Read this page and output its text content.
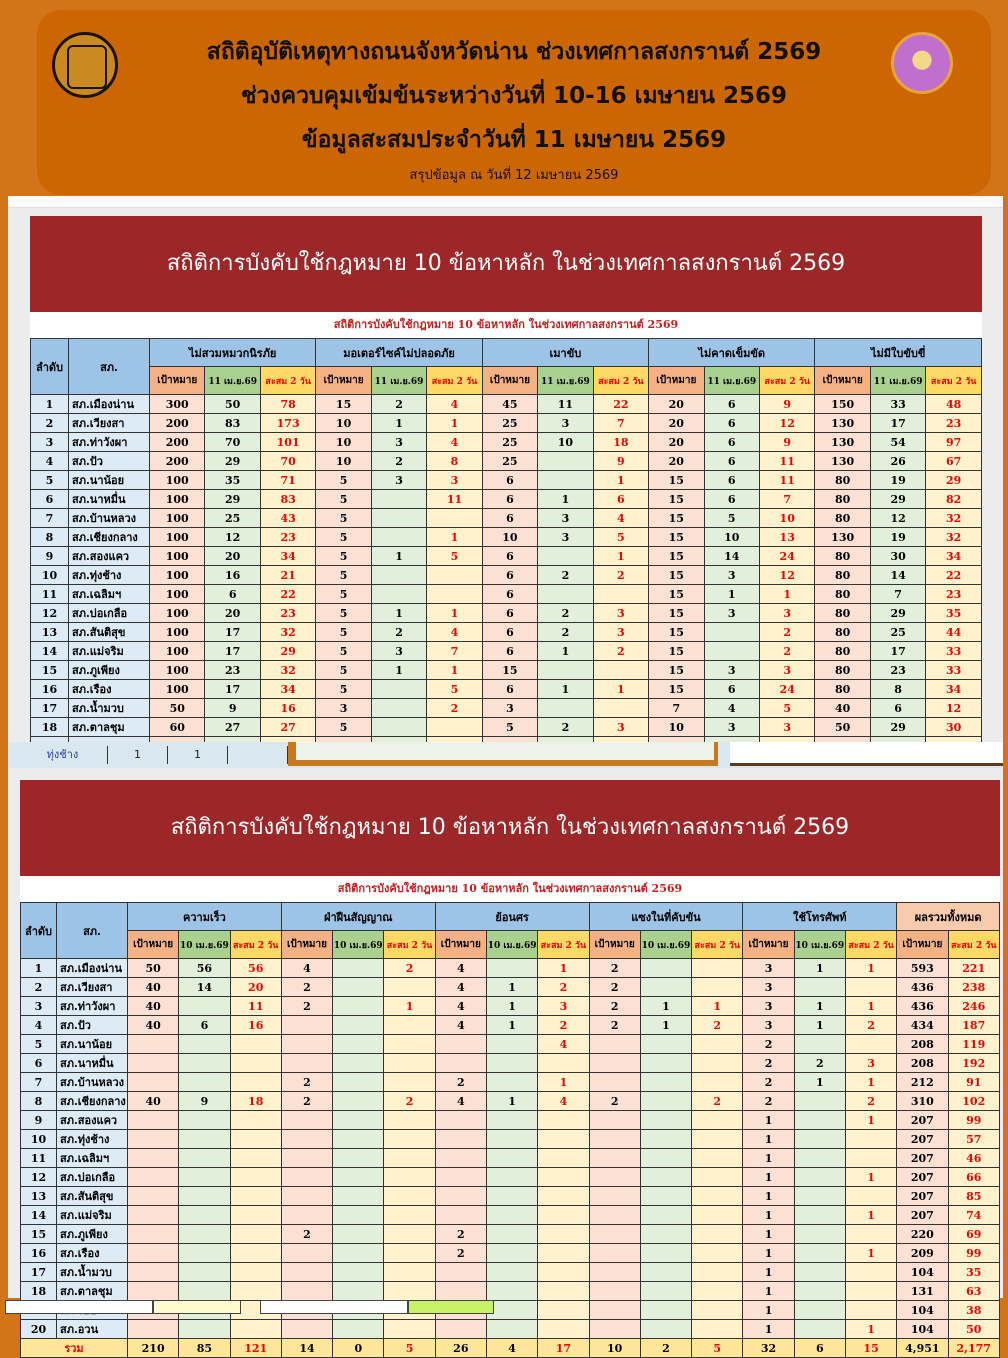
สถิติอุบัติเหตุทางถนนจังหวัดน่าน ช่วงเทศกาลสงกรานต์ 2569
ช่วงควบคุมเข้มข้นระหว่างวันที่ 10-16 เมษายน 2569
ข้อมูลสะสมประจำวันที่ 11 เมษายน 2569
สรุปข้อมูล ณ วันที่ 12 เมษายน 2569
สถิติการบังคับใช้กฎหมาย 10 ข้อหาหลัก ในช่วงเทศกาลสงกรานต์ 2569
สถิติการบังคับใช้กฎหมาย 10 ข้อหาหลัก ในช่วงเทศกาลสงกรานต์ 2569
ลำดับ	สภ.	ไม่สวมหมวกนิรภัย			มอเตอร์ไซค์ไม่ปลอดภัย			เมาขับ			ไม่คาดเข็มขัด			ไม่มีใบขับขี่		
		เป้าหมาย	11 เม.ย.69	สะสม 2 วัน	เป้าหมาย	11 เม.ย.69	สะสม 2 วัน	เป้าหมาย	11 เม.ย.69	สะสม 2 วัน	เป้าหมาย	11 เม.ย.69	สะสม 2 วัน	เป้าหมาย	11 เม.ย.69	สะสม 2 วัน
1	สภ.เมืองน่าน	300	50	78	15	2	4	45	11	22	20	6	9	150	33	48
2	สภ.เวียงสา	200	83	173	10	1	1	25	3	7	20	6	12	130	17	23
3	สภ.ท่าวังผา	200	70	101	10	3	4	25	10	18	20	6	9	130	54	97
4	สภ.ปัว	200	29	70	10	2	8	25		9	20	6	11	130	26	67
5	สภ.นาน้อย	100	35	71	5	3	3	6		1	15	6	11	80	19	29
6	สภ.นาหมื่น	100	29	83	5		11	6	1	6	15	6	7	80	29	82
7	สภ.บ้านหลวง	100	25	43	5			6	3	4	15	5	10	80	12	32
8	สภ.เชียงกลาง	100	12	23	5		1	10	3	5	15	10	13	130	19	32
9	สภ.สองแคว	100	20	34	5	1	5	6		1	15	14	24	80	30	34
10	สภ.ทุ่งช้าง	100	16	21	5			6	2	2	15	3	12	80	14	22
11	สภ.เฉลิมฯ	100	6	22	5			6			15	1	1	80	7	23
12	สภ.บ่อเกลือ	100	20	23	5	1	1	6	2	3	15	3	3	80	29	35
13	สภ.สันติสุข	100	17	32	5	2	4	6	2	3	15		2	80	25	44
14	สภ.แม่จริม	100	17	29	5	3	7	6	1	2	15		2	80	17	33
15	สภ.ภูเพียง	100	23	32	5	1	1	15			15	3	3	80	23	33
16	สภ.เรือง	100	17	34	5		5	6	1	1	15	6	24	80	8	34
17	สภ.น้ำมวบ	50	9	16	3		2	3			7	4	5	40	6	12
18	สภ.ตาลชุม	60	27	27	5			5	2	3	10	3	3	50	29	30

ทุ่งช้าง	1	1
สถิติการบังคับใช้กฎหมาย 10 ข้อหาหลัก ในช่วงเทศกาลสงกรานต์ 2569
สถิติการบังคับใช้กฎหมาย 10 ข้อหาหลัก ในช่วงเทศกาลสงกรานต์ 2569
ลำดับ	สภ.	ความเร็ว			ฝ่าฝืนสัญญาณ			ย้อนศร			แซงในที่คับขัน			ใช้โทรศัพท์			ผลรวมทั้งหมด	
		เป้าหมาย	10 เม.ย.69	สะสม 2 วัน	เป้าหมาย	10 เม.ย.69	สะสม 2 วัน	เป้าหมาย	10 เม.ย.69	สะสม 2 วัน	เป้าหมาย	10 เม.ย.69	สะสม 2 วัน	เป้าหมาย	10 เม.ย.69	สะสม 2 วัน	เป้าหมาย	สะสม 2 วัน
1	สภ.เมืองน่าน	50	56	56	4		2	4		1	2			3	1	1	593	221
2	สภ.เวียงสา	40	14	20	2			4	1	2	2			3			436	238
3	สภ.ท่าวังผา	40		11	2		1	4	1	3	2	1	1	3	1	1	436	246
4	สภ.ปัว	40	6	16				4	1	2	2	1	2	3	1	2	434	187
5	สภ.นาน้อย									4				2			208	119
6	สภ.นาหมื่น													2	2	3	208	192
7	สภ.บ้านหลวง				2			2		1				2	1	1	212	91
8	สภ.เชียงกลาง	40	9	18	2		2	4	1	4	2		2	2		2	310	102
9	สภ.สองแคว													1		1	207	99
10	สภ.ทุ่งช้าง													1			207	57
11	สภ.เฉลิมฯ													1			207	46
12	สภ.บ่อเกลือ													1		1	207	66
13	สภ.สันติสุข													1			207	85
14	สภ.แม่จริม													1		1	207	74
15	สภ.ภูเพียง				2			2						1			220	69
16	สภ.เรือง							2						1		1	209	99
17	สภ.น้ำมวบ													1			104	35
18	สภ.ตาลชุม													1			131	63
														1			104	38
20	สภ.อวน													1		1	104	50
รวม		210	85	121	14	0	5	26	4	17	10	2	5	32	6	15	4,951	2,177
